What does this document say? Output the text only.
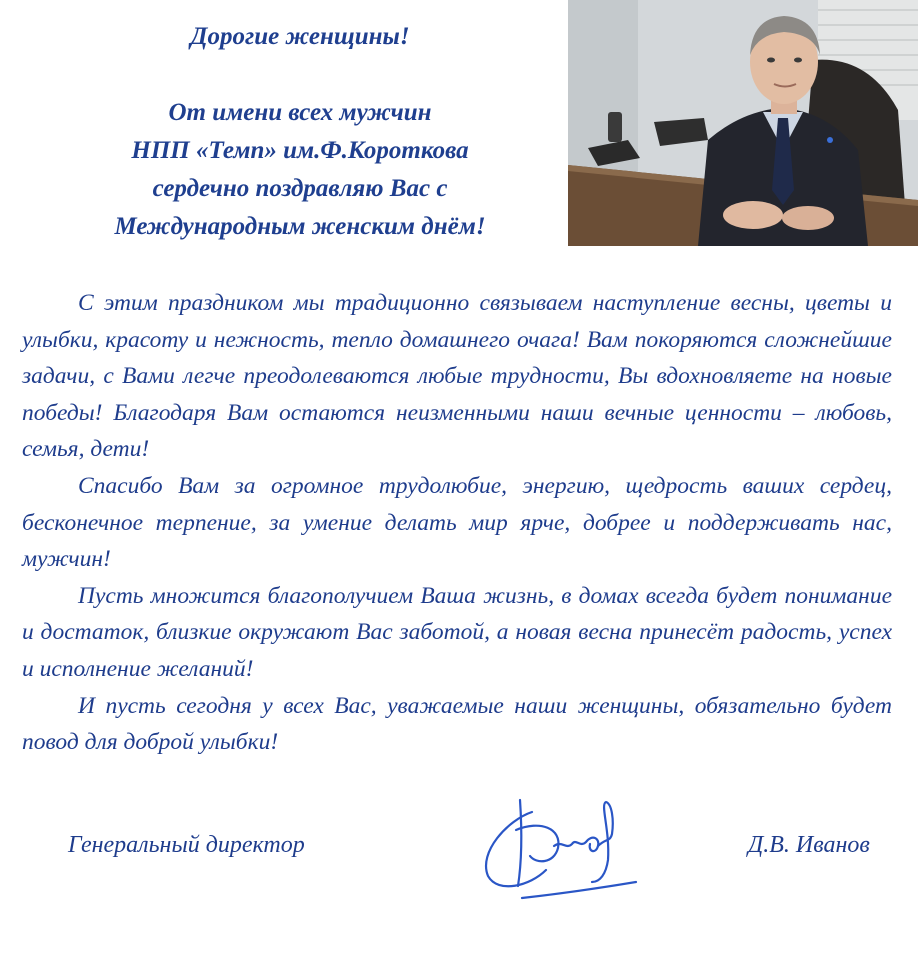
Дорогие женщины!
От имени всех мужчин
НПП «Темп» им.Ф.Короткова
сердечно поздравляю Вас с
Международным женским днём!

С этим праздником мы традиционно связываем наступление весны, цветы и улыбки, красоту и нежность, тепло домашнего очага! Вам покоряются сложнейшие задачи, с Вами легче преодолеваются любые трудности, Вы вдохновляете на новые победы! Благодаря Вам остаются неизменными наши вечные ценности – любовь, семья, дети!

Спасибо Вам за огромное трудолюбие, энергию, щедрость ваших сердец, бесконечное терпение, за умение делать мир ярче, добрее и поддерживать нас, мужчин!

Пусть множится благополучием Ваша жизнь, в домах всегда будет понимание и достаток, близкие окружают Вас заботой, а новая весна принесёт радость, успех и исполнение желаний!

И пусть сегодня у всех Вас, уважаемые наши женщины, обязательно будет повод для доброй улыбки!

Генеральный директор	Д.В. Иванов
